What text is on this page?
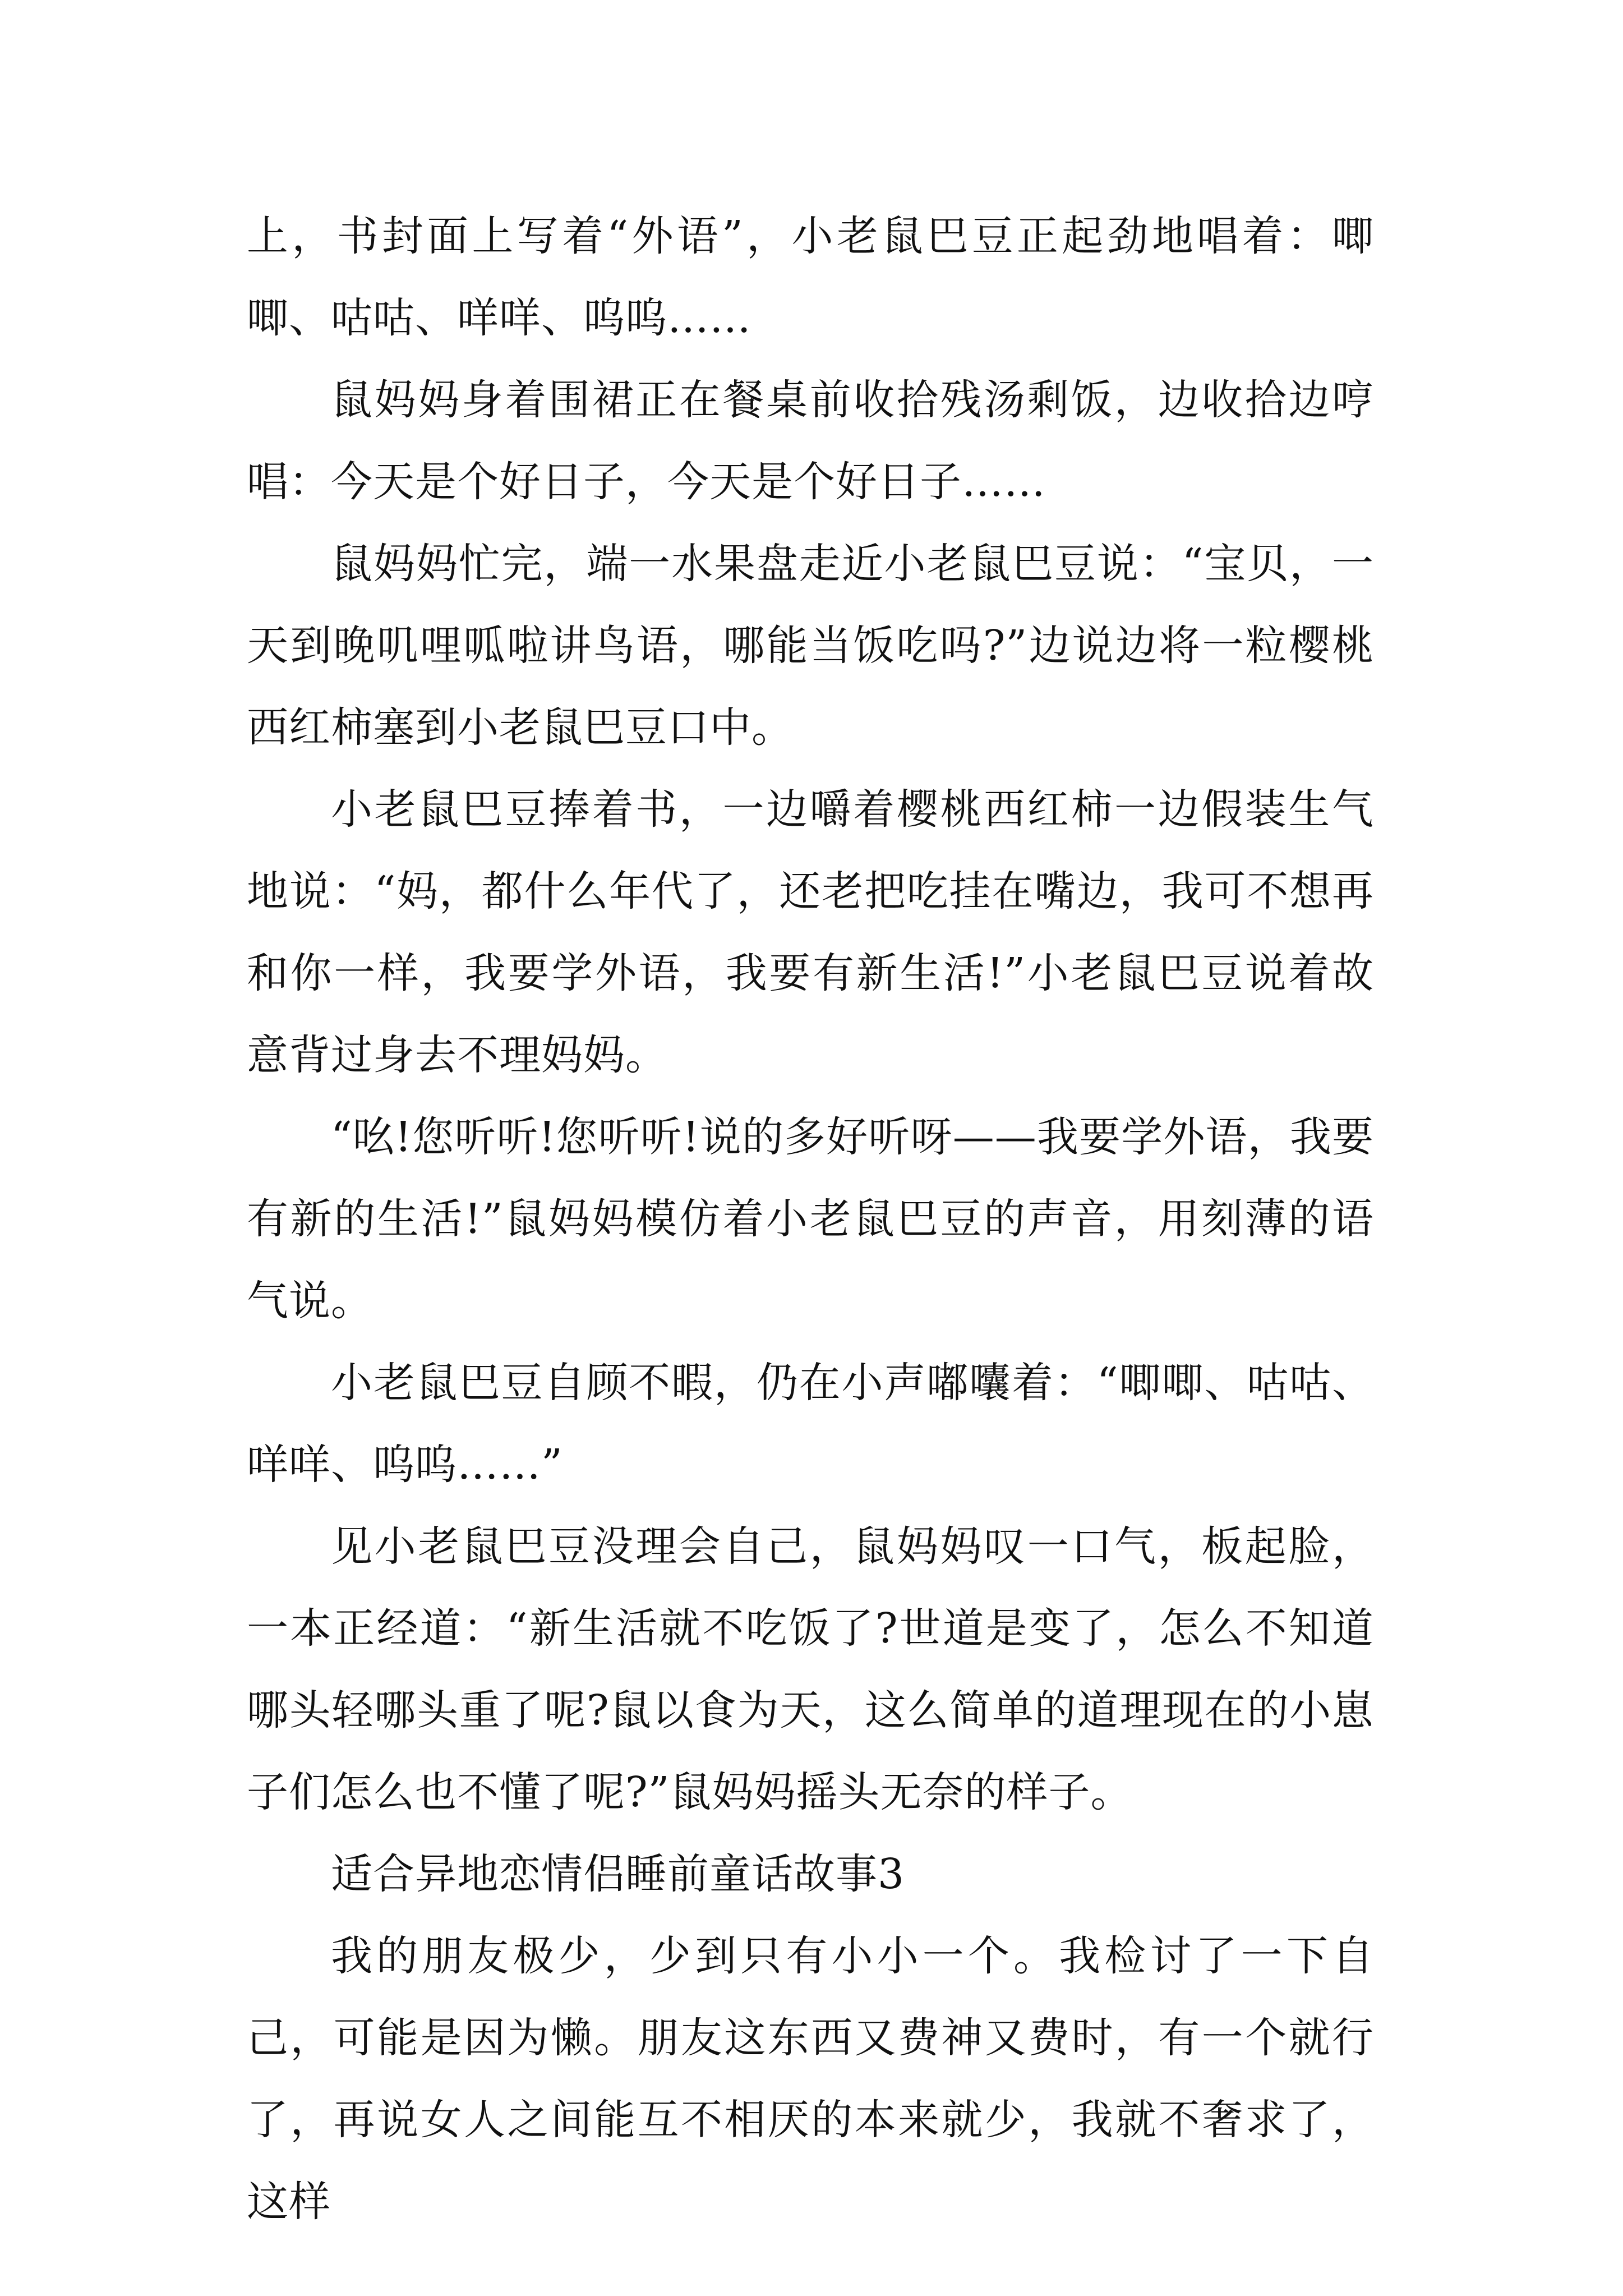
上，书封面上写着“外语”，小老鼠巴豆正起劲地唱着：唧唧、咕咕、咩咩、呜呜……

鼠妈妈身着围裙正在餐桌前收拾残汤剩饭，边收拾边哼唱：今天是个好日子，今天是个好日子……

鼠妈妈忙完，端一水果盘走近小老鼠巴豆说：“宝贝，一天到晚叽哩呱啦讲鸟语，哪能当饭吃吗?”边说边将一粒樱桃西红柿塞到小老鼠巴豆口中。

小老鼠巴豆捧着书，一边嚼着樱桃西红柿一边假装生气地说：“妈，都什么年代了，还老把吃挂在嘴边，我可不想再和你一样，我要学外语，我要有新生活!”小老鼠巴豆说着故意背过身去不理妈妈。

“吆!您听听!您听听!说的多好听呀——我要学外语，我要有新的生活!”鼠妈妈模仿着小老鼠巴豆的声音，用刻薄的语气说。

小老鼠巴豆自顾不暇，仍在小声嘟囔着：“唧唧、咕咕、咩咩、呜呜……”

见小老鼠巴豆没理会自己，鼠妈妈叹一口气，板起脸，一本正经道：“新生活就不吃饭了?世道是变了，怎么不知道哪头轻哪头重了呢?鼠以食为天，这么简单的道理现在的小崽子们怎么也不懂了呢?”鼠妈妈摇头无奈的样子。

适合异地恋情侣睡前童话故事3

我的朋友极少，少到只有小小一个。我检讨了一下自己，可能是因为懒。朋友这东西又费神又费时，有一个就行了，再说女人之间能互不相厌的本来就少，我就不奢求了，这样
